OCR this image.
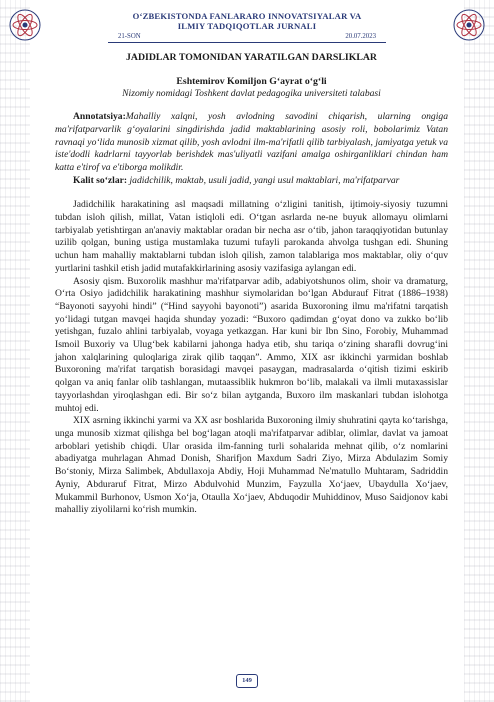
O‘ZBEKISTONDA FANLARARO INNOVATSIYALAR VA
ILMIY TADQIQOTLAR JURNALI
21-SON	20.07.2023
JADIDLAR TOMONIDAN YARATILGAN DARSLIKLAR
Eshtemirov Komiljon G‘ayrat o‘g‘li
Nizomiy nomidagi Toshkent davlat pedagogika universiteti talabasi

Annotatsiya:Mahalliy xalqni, yosh avlodning savodini chiqarish, ularning ongiga ma'rifatparvarlik g‘oyalarini singdirishda jadid maktablarining asosiy roli, bobolarimiz Vatan ravnaqi yo‘lida munosib xizmat qilib, yosh avlodni ilm-ma'rifatli qilib tarbiyalash, jamiyatga yetuk va iste'dodli kadrlarni tayyorlab berishdek mas'uliyatli vazifani amalga oshirganliklari chindan ham katta e'tirof va e'tiborga molikdir.

Kalit so‘zlar: jadidchilik, maktab, usuli jadid, yangi usul maktablari, ma'rifatparvar

Jadidchilik harakatining asl maqsadi millatning o‘zligini tanitish, ijtimoiy-siyosiy tuzumni tubdan isloh qilish, millat, Vatan istiqloli edi. O‘tgan asrlarda ne-ne buyuk allomayu olimlarni tarbiyalab yetishtirgan an'anaviy maktablar oradan bir necha asr o‘tib, jahon taraqqiyotidan butunlay uzilib qolgan, buning ustiga mustamlaka tuzumi tufayli parokanda ahvolga tushgan edi. Shuning uchun ham mahalliy maktablarni tubdan isloh qilish, zamon talablariga mos maktablar, oliy o‘quv yurtlarini tashkil etish jadid mutafakkirlarining asosiy vazifasiga aylangan edi.

Asosiy qism. Buxorolik mashhur ma'rifatparvar adib, adabiyotshunos olim, shoir va dramaturg, O‘rta Osiyo jadidchilik harakatining mashhur siymolaridan bo‘lgan Abdurauf Fitrat (1886–1938) “Bayonoti sayyohi hindi” (“Hind sayyohi bayonoti”) asarida Buxoroning ilmu ma'rifatni tarqatish yo‘lidagi tutgan mavqei haqida shunday yozadi: “Buxoro qadimdan g‘oyat dono va zukko bo‘lib yetishgan, fuzalo ahlini tarbiyalab, voyaga yetkazgan. Har kuni bir Ibn Sino, Forobiy, Muhammad Ismoil Buxoriy va Ulug‘bek kabilarni jahonga hadya etib, shu tariqa o‘zining sharafli dovrug‘ini jahon xalqlarining quloqlariga zirak qilib taqqan”. Ammo, XIX asr ikkinchi yarmidan boshlab Buxoroning ma'rifat tarqatish borasidagi mavqei pasaygan, madrasalarda o‘qitish tizimi eskirib qolgan va aniq fanlar olib tashlangan, mutaassiblik hukmron bo‘lib, malakali va ilmli mutaxassislar tayyorlashdan yiroqlashgan edi. Bir so‘z bilan aytganda, Buxoro ilm maskanlari tubdan islohotga muhtoj edi.

XIX asrning ikkinchi yarmi va XX asr boshlarida Buxoroning ilmiy shuhratini qayta ko‘tarishga, unga munosib xizmat qilishga bel bog‘lagan atoqli ma'rifatparvar adiblar, olimlar, davlat va jamoat arboblari yetishib chiqdi. Ular orasida ilm-fanning turli sohalarida mehnat qilib, o‘z nomlarini abadiyatga muhrlagan Ahmad Donish, Sharifjon Maxdum Sadri Ziyo, Mirza Abdulazim Somiy Bo‘stoniy, Mirza Salimbek, Abdullaxoja Abdiy, Hoji Muhammad Ne'matullo Muhtaram, Sadriddin Ayniy, Abduraruf Fitrat, Mirzo Abdulvohid Munzim, Fayzulla Xo‘jaev, Ubaydulla Xo‘jaev, Mukammil Burhonov, Usmon Xo‘ja, Otaulla Xo‘jaev, Abduqodir Muhiddinov, Muso Saidjonov kabi mahalliy ziyolilarni ko‘rish mumkin.

149
